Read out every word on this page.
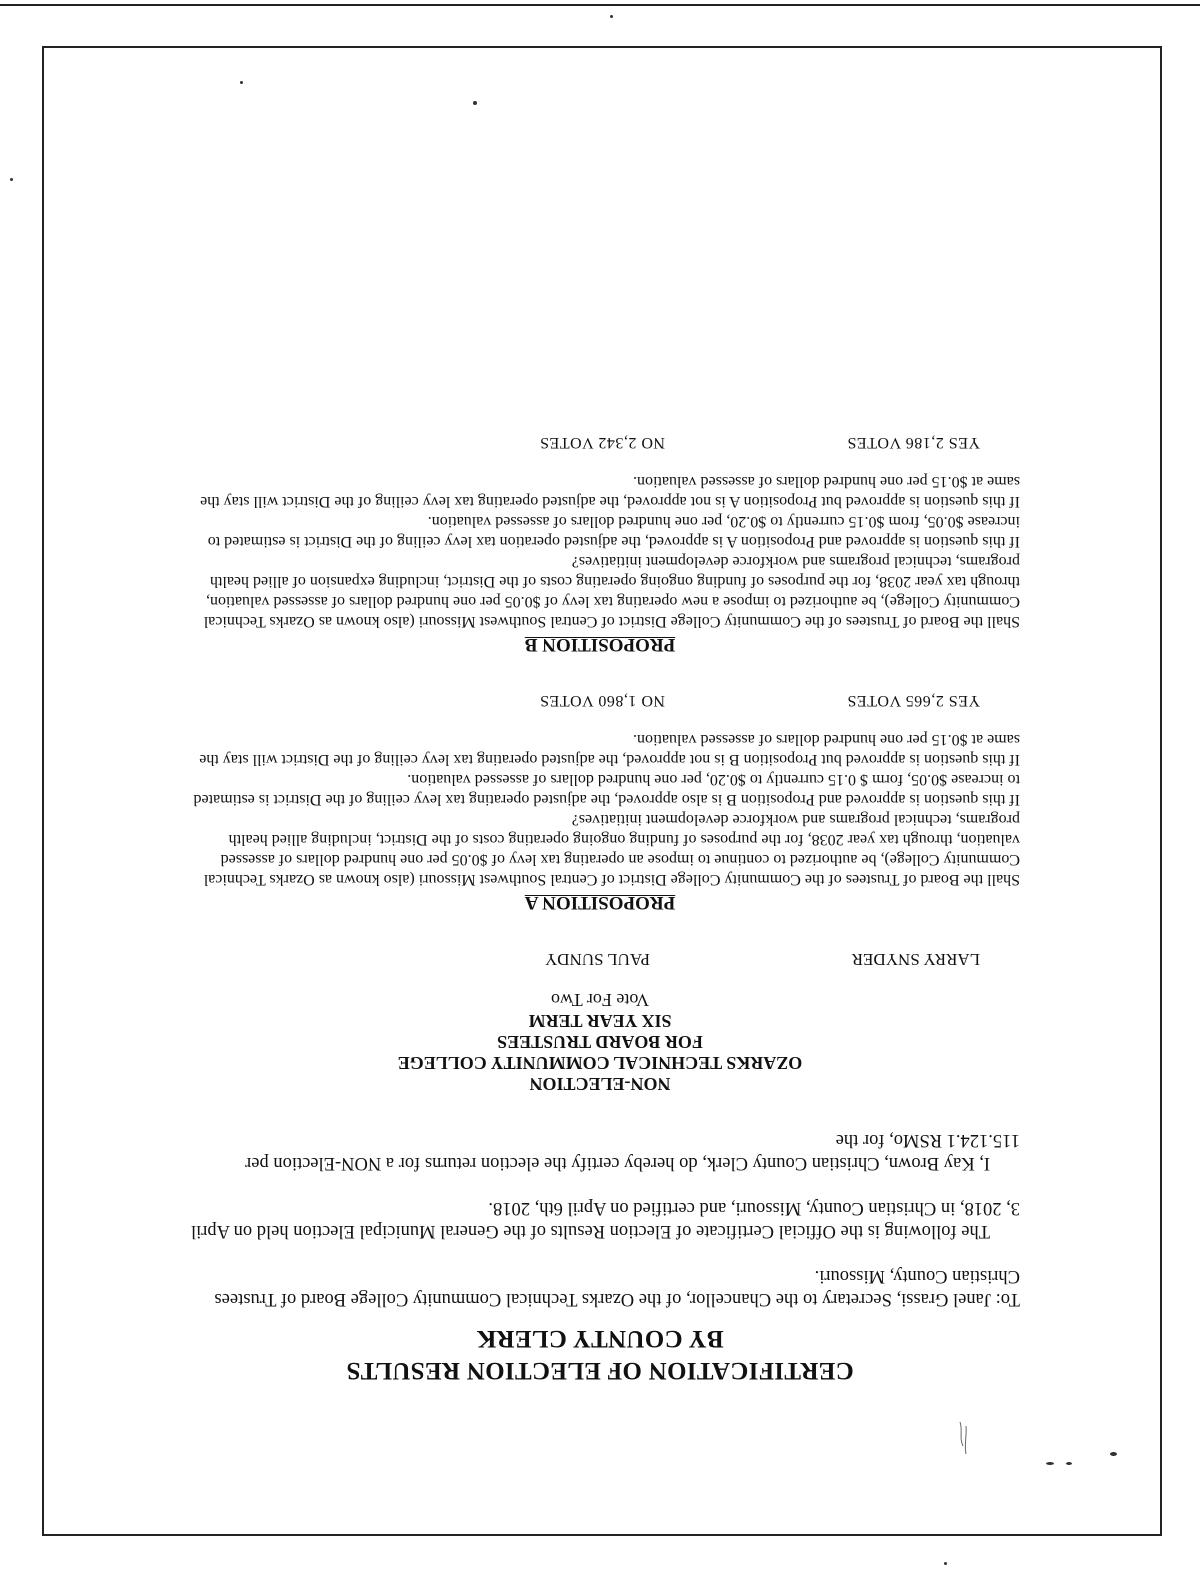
CERTIFICATION OF ELECTION RESULTS
BY COUNTY CLERK

To: Janel Grassi, Secretary to the Chancellor, of the Ozarks Technical Community College Board of Trustees Christian County, Missouri.

The following is the Official Certificate of Election Results of the General Municipal Election held on April 3, 2018, in Christian County, Missouri, and certified on April 6th, 2018.

I, Kay Brown, Christian County Clerk, do hereby certify the election returns for a NON-Election per 115.124.1 RSMo, for the

NON-ELECTION
OZARKS TECHNICAL COMMUNITY COLLEGE
FOR BOARD TRUSTEES
SIX YEAR TERM
Vote For Two
LARRY SNYDER
PAUL SUNDY
PROPOSITION A

Shall the Board of Trustees of the Community College District of Central Southwest Missouri (also known as Ozarks Technical Community College), be authorized to continue to impose an operating tax levy of $0.05 per one hundred dollars of assessed valuation, through tax year 2038, for the purposes of funding ongoing operating costs of the District, including allied health programs, technical programs and workforce development initiatives?

If this question is approved and Proposition B is also approved, the adjusted operating tax levy ceiling of the District is estimated to increase $0.05, form $ 0.15 currently to $0.20, per one hundred dollars of assessed valuation.

If this question is approved but Proposition B is not approved, the adjusted operating tax levy ceiling of the District will stay the same at $0.15 per one hundred dollars of assessed valuation.

YES 2,665 VOTES
NO 1,860 VOTES
PROPOSITION B

Shall the Board of Trustees of the Community College District of Central Southwest Missouri (also known as Ozarks Technical Community College), be authorized to impose a new operating tax levy of $0.05 per one hundred dollars of assessed valuation, through tax year 2038, for the purposes of funding ongoing operating costs of the District, including expansion of allied health programs, technical programs and workforce development initiatives?

If this question is approved and Proposition A is approved, the adjusted operation tax levy ceiling of the District is estimated to increase $0.05, from $0.15 currently to $0.20, per one hundred dollars of assessed valuation.

If this question is approved but Proposition A is not approved, the adjusted operating tax levy ceiling of the District will stay the same at $0.15 per one hundred dollars of assessed valuation.

YES 2,186 VOTES
NO 2,342 VOTES
